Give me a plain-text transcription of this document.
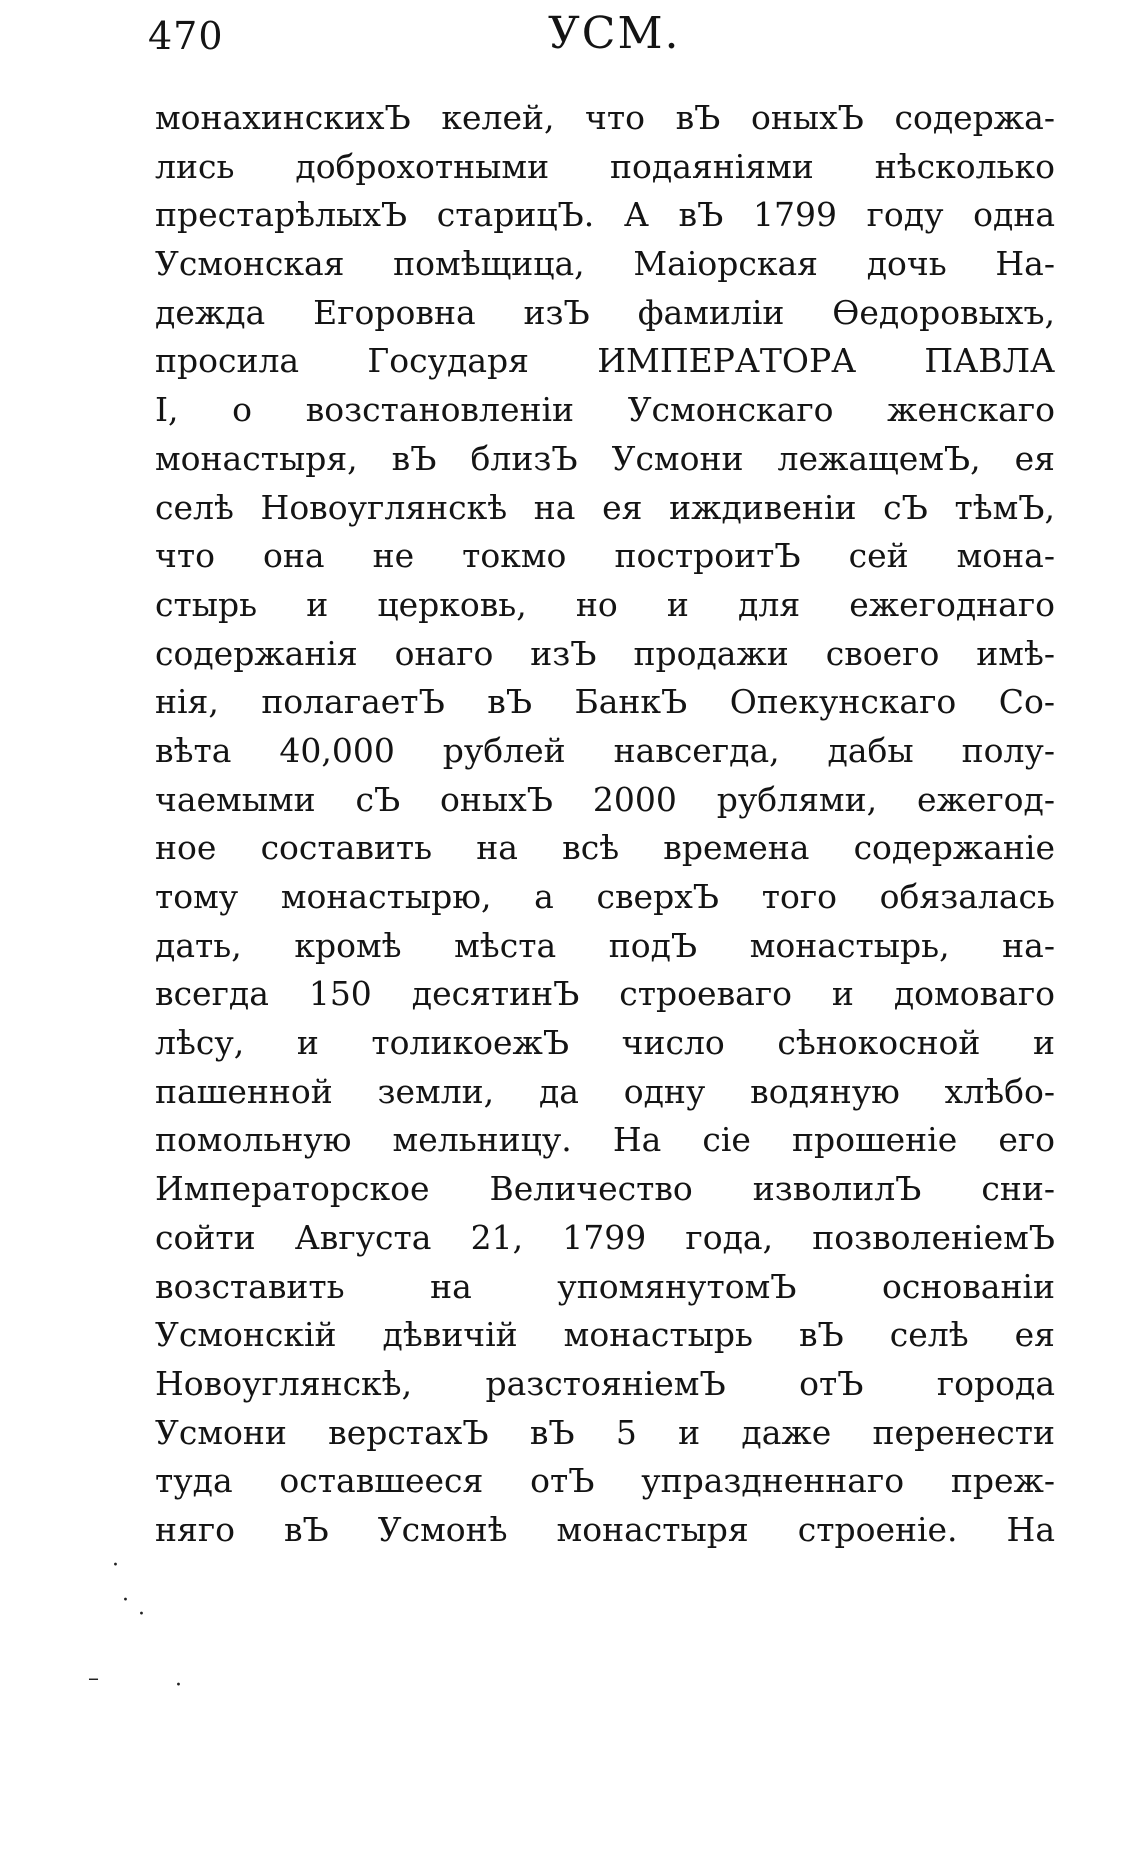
470	УСМ.
монахинскихЪ келей, что вЪ оныхЪ содержа-
лись доброхотными подаяніями нѣсколько
престарѣлыхЪ старицЪ. А вЪ 1799 году одна
Усмонская помѣщица, Маіорская дочь На-
дежда Егоровна изЪ фамиліи Ѳедоровыхъ,
просила Государя ИМПЕРАТОРА ПАВЛА
I, о возстановленіи Усмонскаго женскаго
монастыря, вЪ близЪ Усмони лежащемЪ, ея
селѣ Новоуглянскѣ на ея иждивеніи сЪ тѣмЪ,
что она не токмо построитЪ сей мона-
стырь и церковь, но и для ежегоднаго
содержанія онаго изЪ продажи своего имѣ-
нія, полагаетЪ вЪ БанкЪ Опекунскаго Со-
вѣта 40,000 рублей навсегда, дабы полу-
чаемыми сЪ оныхЪ 2000 рублями, ежегод-
ное составить на всѣ времена содержаніе
тому монастырю, а сверхЪ того обязалась
дать, кромѣ мѣста подЪ монастырь, на-
всегда 150 десятинЪ строеваго и домоваго
лѣсу, и толикоежЪ число сѣнокосной и
пашенной земли, да одну водяную хлѣбо-
помольную мельницу. На сіе прошеніе его
Императорское Величество изволилЪ сни-
сойти Августа 21, 1799 года, позволеніемЪ
возставить на упомянутомЪ основаніи
Усмонскій дѣвичій монастырь вЪ селѣ ея
Новоуглянскѣ, разстояніемЪ отЪ города
Усмони верстахЪ вЪ 5 и даже перенести
туда оставшееся отЪ упраздненнаго преж-
няго вЪ Усмонѣ монастыря строеніе. На
·
·
·
·
–
